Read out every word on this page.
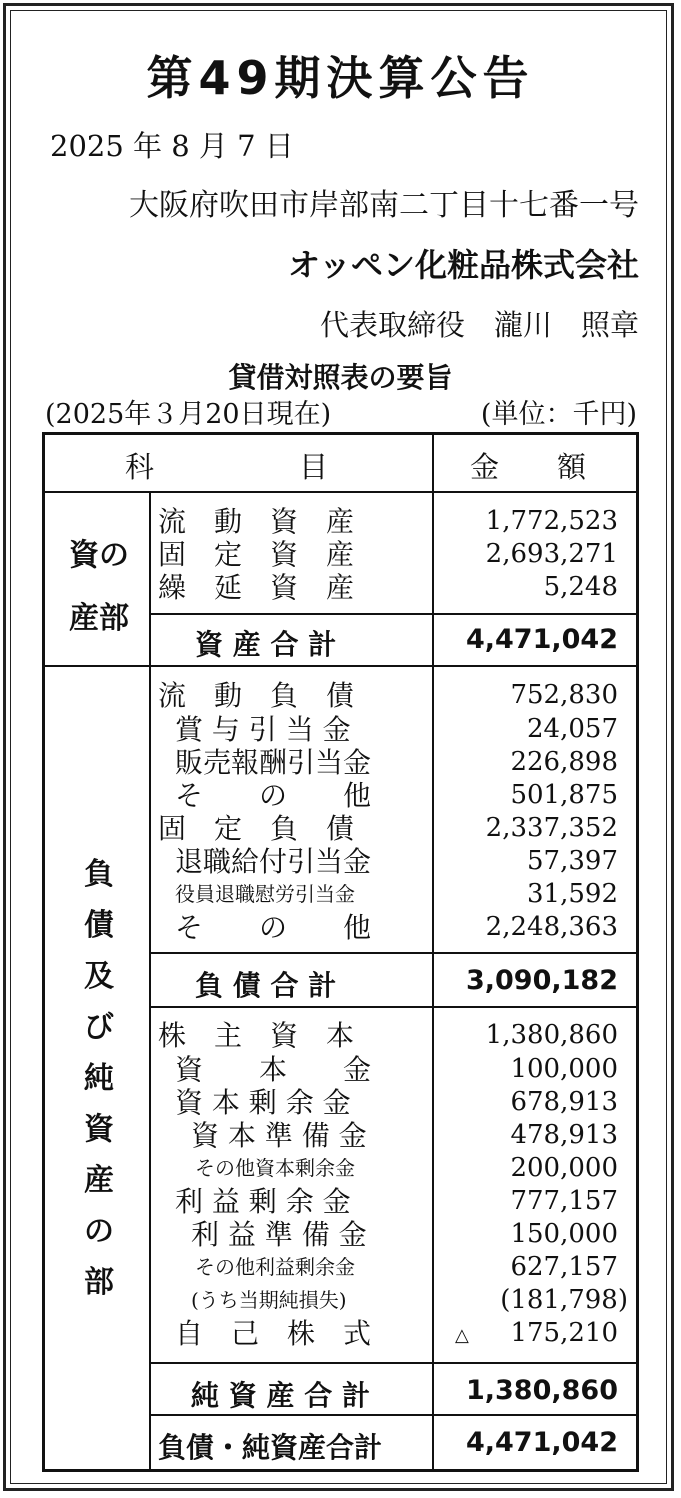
第49期決算公告
2025 年 8 月 7 日
大阪府吹田市岸部南二丁目十七番一号
オッペン化粧品株式会社
代表取締役　瀧川　照章
貸借対照表の要旨
(2025年３月20日現在)	(単位：千円)
科　　　　　目	金　　額
資の
産部
流　動　資　産	1,772,523
固　定　資　産	2,693,271
繰　延　資　産	5,248
資 産 合 計	4,471,042
負
債
及
び
純
資
産
の
部
流　動　負　債	752,830
賞 与 引 当 金	24,057
販売報酬引当金	226,898
そ　　の　　他	501,875
固　定　負　債	2,337,352
退職給付引当金	57,397
役員退職慰労引当金	31,592
そ　　の　　他	2,248,363
負 債 合 計	3,090,182
株　主　資　本	1,380,860
資　　本　　金	100,000
資 本 剰 余 金	678,913
資 本 準 備 金	478,913
その他資本剰余金	200,000
利 益 剰 余 金	777,157
利 益 準 備 金	150,000
その他利益剰余金	627,157
(うち当期純損失)	(181,798)
自　己　株　式	△ 175,210
純 資 産 合 計	1,380,860
負債・純資産合計	4,471,042
